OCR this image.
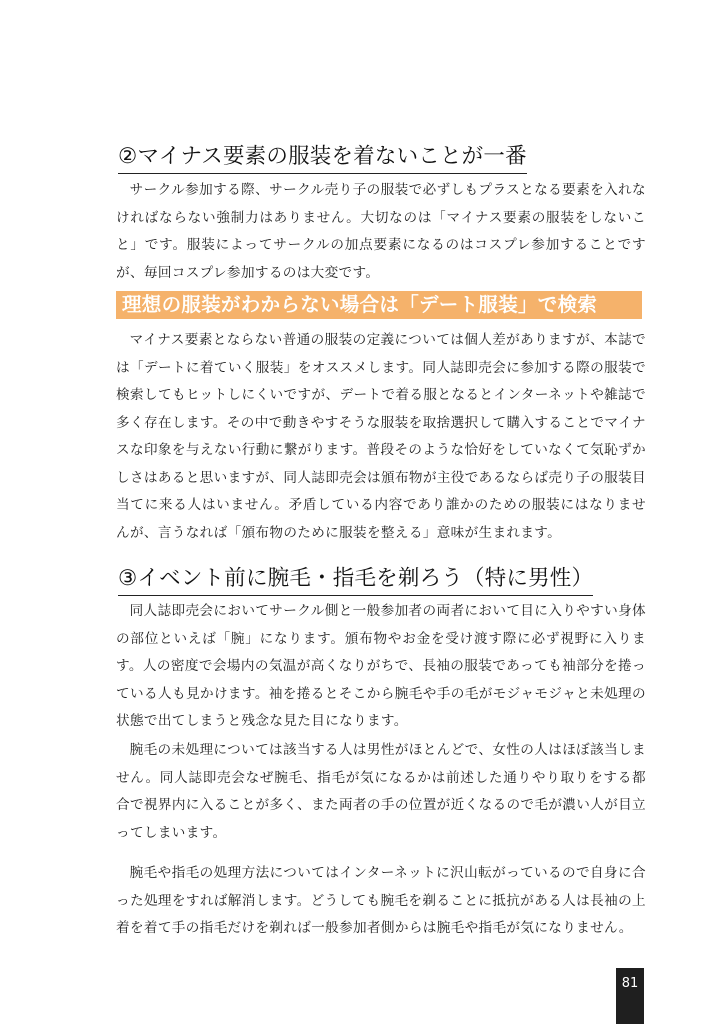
②マイナス要素の服装を着ないことが一番

サークル参加する際、サークル売り子の服装で必ずしもプラスとなる要素を入れなければならない強制力はありません。大切なのは「マイナス要素の服装をしないこと」です。服装によってサークルの加点要素になるのはコスプレ参加することですが、毎回コスプレ参加するのは大変です。

理想の服装がわからない場合は「デート服装」で検索

マイナス要素とならない普通の服装の定義については個人差がありますが、本誌では「デートに着ていく服装」をオススメします。同人誌即売会に参加する際の服装で検索してもヒットしにくいですが、デートで着る服となるとインターネットや雑誌で多く存在します。その中で動きやすそうな服装を取捨選択して購入することでマイナスな印象を与えない行動に繋がります。普段そのような恰好をしていなくて気恥ずかしさはあると思いますが、同人誌即売会は頒布物が主役であるならば売り子の服装目当てに来る人はいません。矛盾している内容であり誰かのための服装にはなりませんが、言うなれば「頒布物のために服装を整える」意味が生まれます。

③イベント前に腕毛・指毛を剃ろう（特に男性）

同人誌即売会においてサークル側と一般参加者の両者において目に入りやすい身体の部位といえば「腕」になります。頒布物やお金を受け渡す際に必ず視野に入ります。人の密度で会場内の気温が高くなりがちで、長袖の服装であっても袖部分を捲っている人も見かけます。袖を捲るとそこから腕毛や手の毛がモジャモジャと未処理の状態で出てしまうと残念な見た目になります。

腕毛の未処理については該当する人は男性がほとんどで、女性の人はほぼ該当しません。同人誌即売会なぜ腕毛、指毛が気になるかは前述した通りやり取りをする都合で視界内に入ることが多く、また両者の手の位置が近くなるので毛が濃い人が目立ってしまいます。

腕毛や指毛の処理方法についてはインターネットに沢山転がっているので自身に合った処理をすれば解消します。どうしても腕毛を剃ることに抵抗がある人は長袖の上着を着て手の指毛だけを剃れば一般参加者側からは腕毛や指毛が気になりません。

81
